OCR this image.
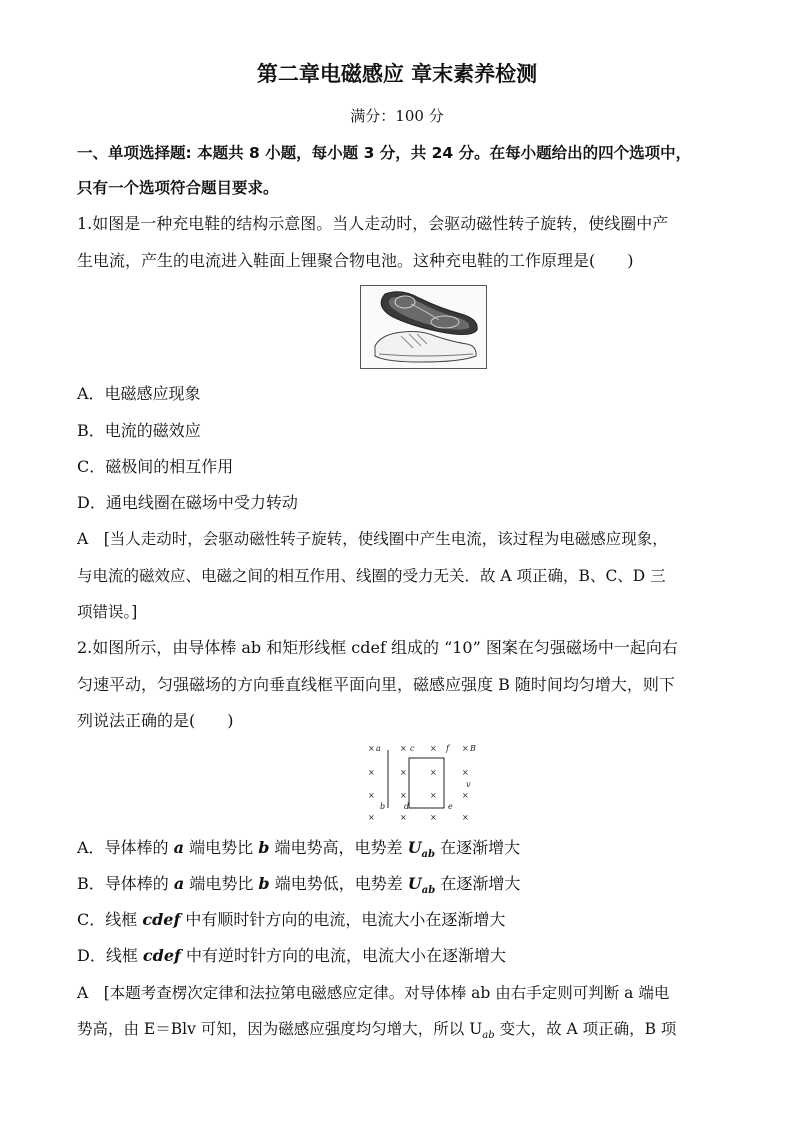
第二章电磁感应 章末素养检测
满分：100 分
一、单项选择题: 本题共 8 小题，每小题 3 分，共 24 分。在每小题给出的四个选项中，
只有一个选项符合题目要求。
1.如图是一种充电鞋的结构示意图。当人走动时，会驱动磁性转子旋转，使线圈中产
生电流，产生的电流进入鞋面上锂聚合物电池。这种充电鞋的工作原理是(　　)
A．电磁感应现象
B．电流的磁效应
C．磁极间的相互作用
D．通电线圈在磁场中受力转动
A　[当人走动时，会驱动磁性转子旋转，使线圈中产生电流，该过程为电磁感应现象，
与电流的磁效应、电磁之间的相互作用、线圈的受力无关．故 A 项正确，B、C、D 三
项错误。]
2.如图所示，由导体棒 ab 和矩形线框 cdef 组成的 “10” 图案在匀强磁场中一起向右
匀速平动，匀强磁场的方向垂直线框平面向里，磁感应强度 B 随时间均匀增大，则下
列说法正确的是(　　)
× a × c × f × B
×	×	×	×
v
×	×	×	×
b d	e
×	×	×	×
A．导体棒的 a 端电势比 b 端电势高，电势差 $U_{ab}$ 在逐渐增大
B．导体棒的 a 端电势比 b 端电势低，电势差 $U_{ab}$ 在逐渐增大
C．线框 cdef 中有顺时针方向的电流，电流大小在逐渐增大
D．线框 cdef 中有逆时针方向的电流，电流大小在逐渐增大
A　[本题考查楞次定律和法拉第电磁感应定律。对导体棒 ab 由右手定则可判断 a 端电
势高，由 E＝Blv 可知，因为磁感应强度均匀增大，所以 $U_{ab}$ 变大，故 A 项正确，B 项
